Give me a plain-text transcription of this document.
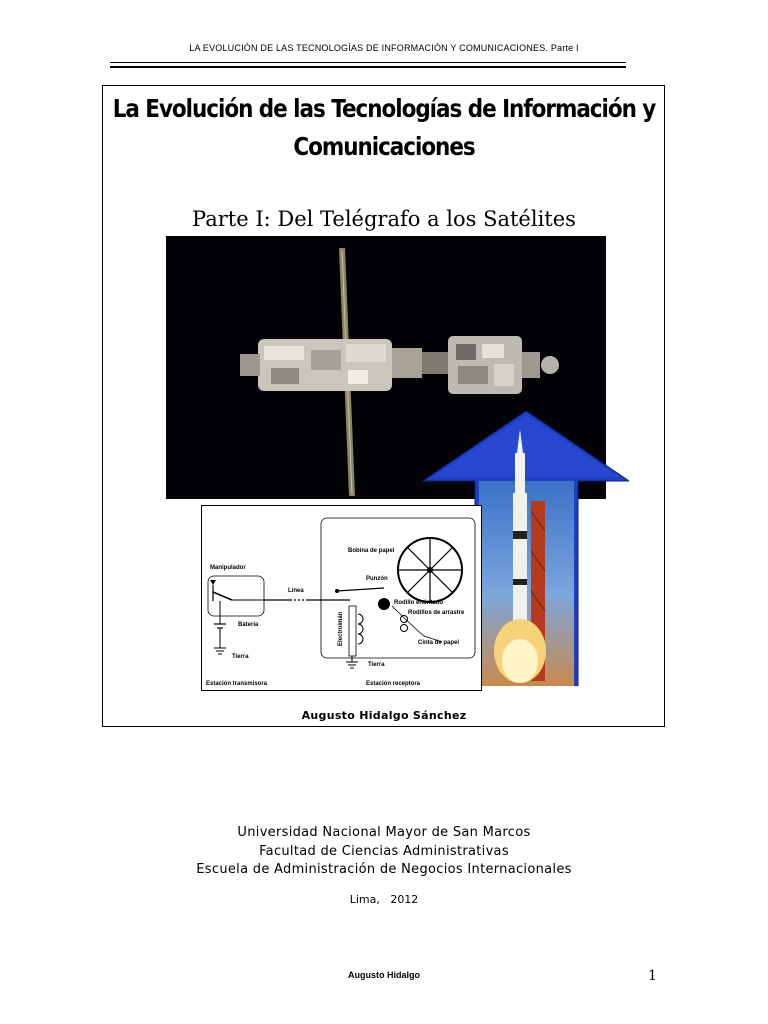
LA EVOLUCIÓN DE LAS TECNOLOGÍAS DE INFORMACIÓN Y COMUNICACIONES. Parte I
La Evolución de las Tecnologías de Información y
Comunicaciones
Parte I: Del Telégrafo a los Satélites
Manipulador
Línea
Batería
Tierra
Bobina de papel
Punzón
Rodillo entintado
Rodillos de arrastre
Electroimán	Cinta de papel
Tierra
Estación transmisora	Estación receptora
Augusto Hidalgo Sánchez
Universidad Nacional Mayor de San Marcos
Facultad de Ciencias Administrativas
Escuela de Administración de Negocios Internacionales
Lima,   2012
Augusto Hidalgo	1
